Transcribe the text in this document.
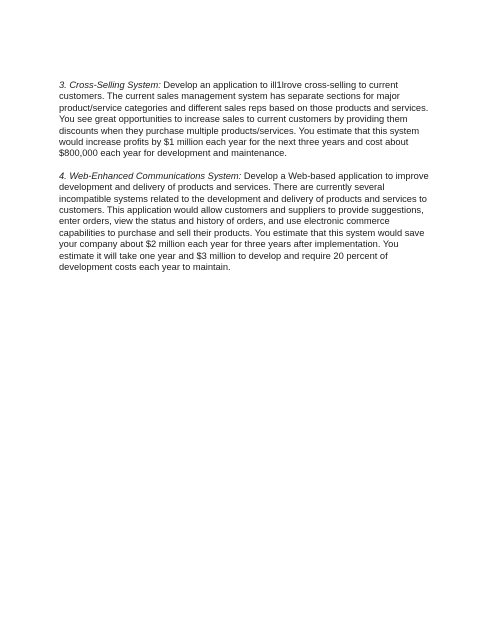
3. Cross-Selling System: Develop an application to ill1lrove cross-selling to current customers. The current sales management system has separate sections for major product/service categories and different sales reps based on those products and services. You see great opportunities to increase sales to current customers by providing them discounts when they purchase multiple products/services. You estimate that this system would increase profits by $1 million each year for the next three years and cost about $800,000 each year for development and maintenance.

4. Web-Enhanced Communications System: Develop a Web-based application to improve development and delivery of products and services. There are currently several incompatible systems related to the development and delivery of products and services to customers. This application would allow customers and suppliers to provide suggestions, enter orders, view the status and history of orders, and use electronic commerce capabilities to purchase and sell their products. You estimate that this system would save your company about $2 million each year for three years after implementation. You estimate it will take one year and $3 million to develop and require 20 percent of development costs each year to maintain.
